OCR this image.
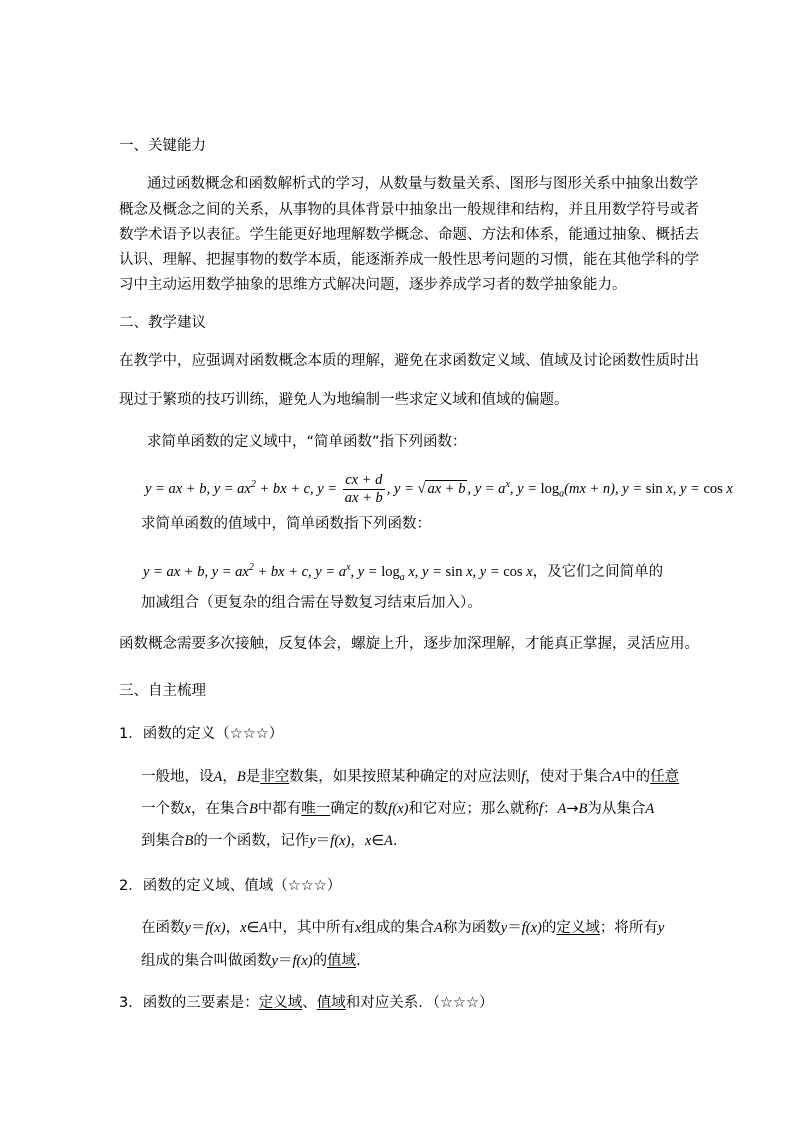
一、关键能力
通过函数概念和函数解析式的学习，从数量与数量关系、图形与图形关系中抽象出数学
概念及概念之间的关系，从事物的具体背景中抽象出一般规律和结构，并且用数学符号或者
数学术语予以表征。学生能更好地理解数学概念、命题、方法和体系，能通过抽象、概括去
认识、理解、把握事物的数学本质，能逐渐养成一般性思考问题的习惯，能在其他学科的学
习中主动运用数学抽象的思维方式解决问题，逐步养成学习者的数学抽象能力。
二、教学建议
在教学中，应强调对函数概念本质的理解，避免在求函数定义域、值域及讨论函数性质时出
现过于繁琐的技巧训练，避免人为地编制一些求定义域和值域的偏题。
求简单函数的定义域中，“简单函数”指下列函数：
y = ax + b, $y = ax^2$ + bx + c, $y = \frac{cx + d}{ax + b}$ , y = √ ax + b , $y = a^x$, $y = \log_a(mx + n)$, y = sin x, y = cos x
求简单函数的值域中，简单函数指下列函数：
y = ax + b, $y = ax^2$ + bx + c, $y = a^x$, $y = \log_a x$, y = sin x, y = cos x，及它们之间简单的
加减组合（更复杂的组合需在导数复习结束后加入）。
函数概念需要多次接触，反复体会，螺旋上升，逐步加深理解，才能真正掌握，灵活应用。
三、自主梳理
1．函数的定义（☆☆☆）
一般地，设A，B是非空数集，如果按照某种确定的对应法则f，使对于集合A中的任意
一个数x，在集合B中都有唯一确定的数f(x)和它对应；那么就称f：A→B为从集合A
到集合B的一个函数，记作y＝f(x)，x∈A.
2．函数的定义域、值域（☆☆☆）
在函数y＝f(x)，x∈A中，其中所有x组成的集合A称为函数y＝f(x)的定义域；将所有y
组成的集合叫做函数y＝f(x)的值域.
3．函数的三要素是：定义域、值域和对应关系．（☆☆☆）
